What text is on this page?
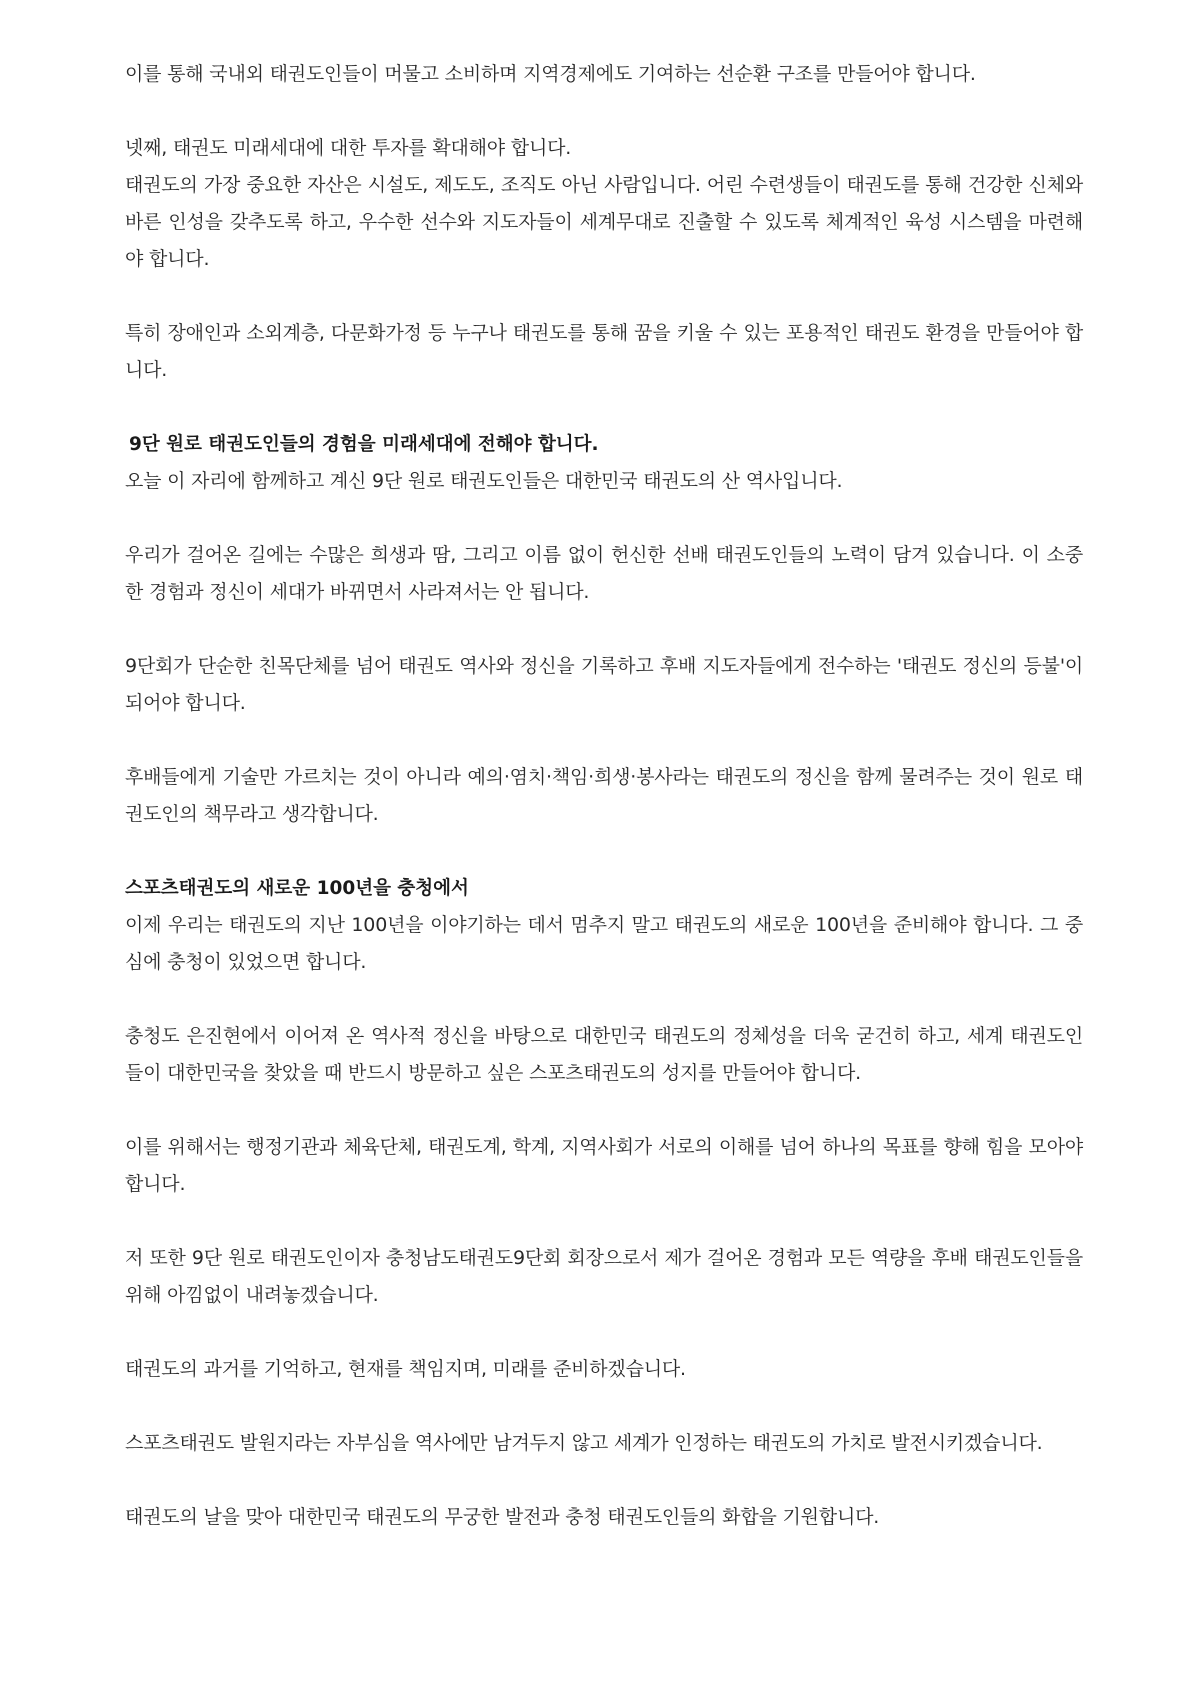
이를 통해 국내외 태권도인들이 머물고 소비하며 지역경제에도 기여하는 선순환 구조를 만들어야 합니다.

넷째, 태권도 미래세대에 대한 투자를 확대해야 합니다.

태권도의 가장 중요한 자산은 시설도, 제도도, 조직도 아닌 사람입니다. 어린 수련생들이 태권도를 통해 건강한 신체와 바른 인성을 갖추도록 하고, 우수한 선수와 지도자들이 세계무대로 진출할 수 있도록 체계적인 육성 시스템을 마련해야 합니다.

특히 장애인과 소외계층, 다문화가정 등 누구나 태권도를 통해 꿈을 키울 수 있는 포용적인 태권도 환경을 만들어야 합니다.

9단 원로 태권도인들의 경험을 미래세대에 전해야 합니다.

오늘 이 자리에 함께하고 계신 9단 원로 태권도인들은 대한민국 태권도의 산 역사입니다.

우리가 걸어온 길에는 수많은 희생과 땀, 그리고 이름 없이 헌신한 선배 태권도인들의 노력이 담겨 있습니다. 이 소중한 경험과 정신이 세대가 바뀌면서 사라져서는 안 됩니다.

9단회가 단순한 친목단체를 넘어 태권도 역사와 정신을 기록하고 후배 지도자들에게 전수하는 '태권도 정신의 등불'이 되어야 합니다.

후배들에게 기술만 가르치는 것이 아니라 예의·염치·책임·희생·봉사라는 태권도의 정신을 함께 물려주는 것이 원로 태권도인의 책무라고 생각합니다.

스포츠태권도의 새로운 100년을 충청에서

이제 우리는 태권도의 지난 100년을 이야기하는 데서 멈추지 말고 태권도의 새로운 100년을 준비해야 합니다. 그 중심에 충청이 있었으면 합니다.

충청도 은진현에서 이어져 온 역사적 정신을 바탕으로 대한민국 태권도의 정체성을 더욱 굳건히 하고, 세계 태권도인들이 대한민국을 찾았을 때 반드시 방문하고 싶은 스포츠태권도의 성지를 만들어야 합니다.

이를 위해서는 행정기관과 체육단체, 태권도계, 학계, 지역사회가 서로의 이해를 넘어 하나의 목표를 향해 힘을 모아야 합니다.

저 또한 9단 원로 태권도인이자 충청남도태권도9단회 회장으로서 제가 걸어온 경험과 모든 역량을 후배 태권도인들을 위해 아낌없이 내려놓겠습니다.

태권도의 과거를 기억하고, 현재를 책임지며, 미래를 준비하겠습니다.

스포츠태권도 발원지라는 자부심을 역사에만 남겨두지 않고 세계가 인정하는 태권도의 가치로 발전시키겠습니다.

태권도의 날을 맞아 대한민국 태권도의 무궁한 발전과 충청 태권도인들의 화합을 기원합니다.
